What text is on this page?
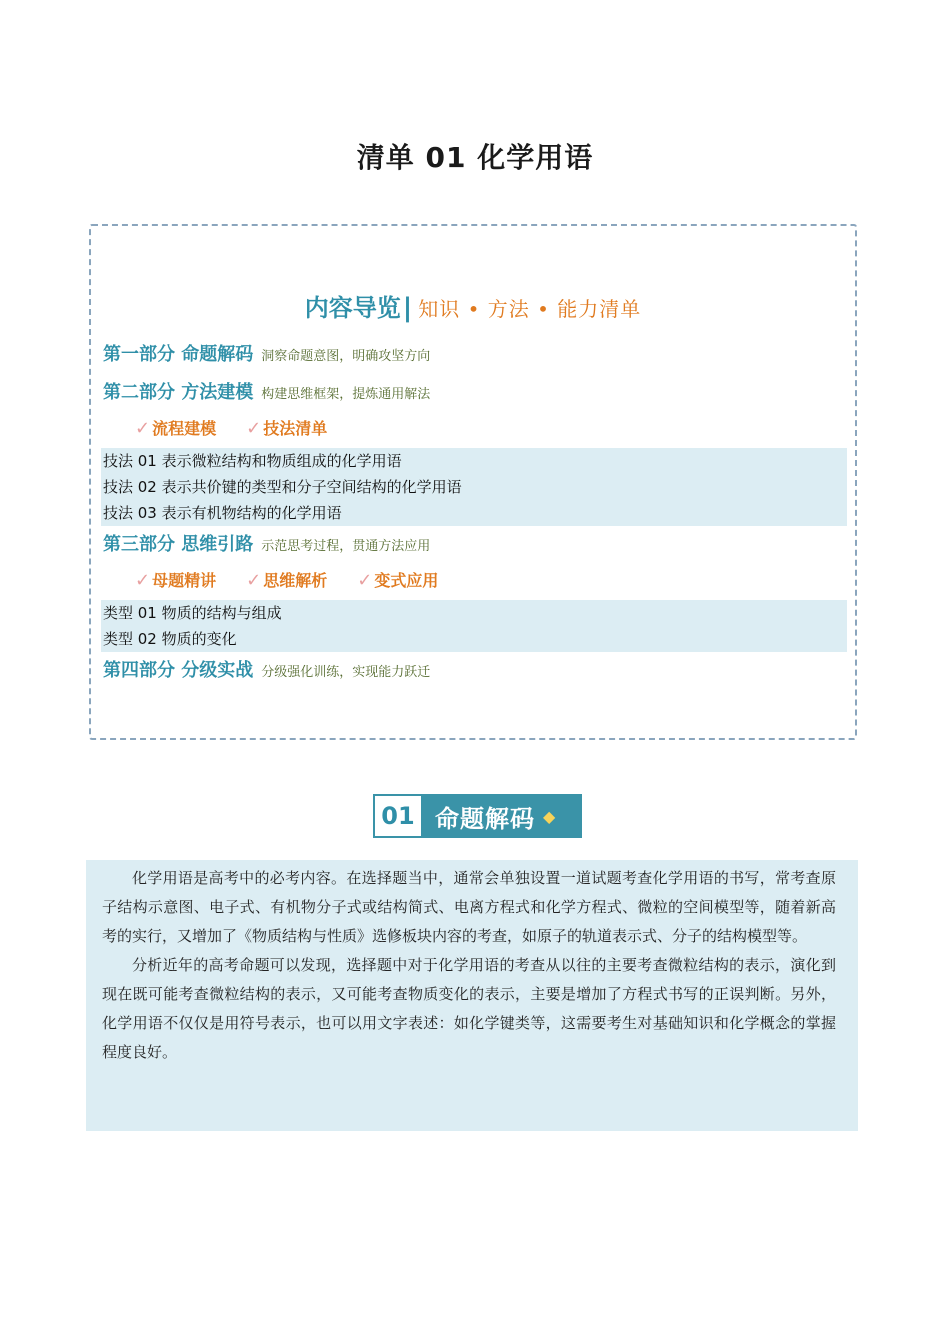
清单 01 化学用语
内容导览| 知识 • 方法 • 能力清单
第一部分 命题解码 洞察命题意图，明确攻坚方向
第二部分 方法建模 构建思维框架，提炼通用解法
✓ 流程建模 ✓ 技法清单
技法 01 表示微粒结构和物质组成的化学用语
技法 02 表示共价键的类型和分子空间结构的化学用语
技法 03 表示有机物结构的化学用语
第三部分 思维引路 示范思考过程，贯通方法应用
✓ 母题精讲 ✓ 思维解析 ✓ 变式应用
类型 01 物质的结构与组成
类型 02 物质的变化
第四部分 分级实战 分级强化训练，实现能力跃迁
01 命题解码 ◆

化学用语是高考中的必考内容。在选择题当中，通常会单独设置一道试题考查化学用语的书写，常考查原子结构示意图、电子式、有机物分子式或结构简式、电离方程式和化学方程式、微粒的空间模型等，随着新高考的实行，又增加了《物质结构与性质》选修板块内容的考查，如原子的轨道表示式、分子的结构模型等。

分析近年的高考命题可以发现，选择题中对于化学用语的考查从以往的主要考查微粒结构的表示，演化到现在既可能考查微粒结构的表示，又可能考查物质变化的表示，主要是增加了方程式书写的正误判断。另外，化学用语不仅仅是用符号表示，也可以用文字表述：如化学键类等，这需要考生对基础知识和化学概念的掌握程度良好。
